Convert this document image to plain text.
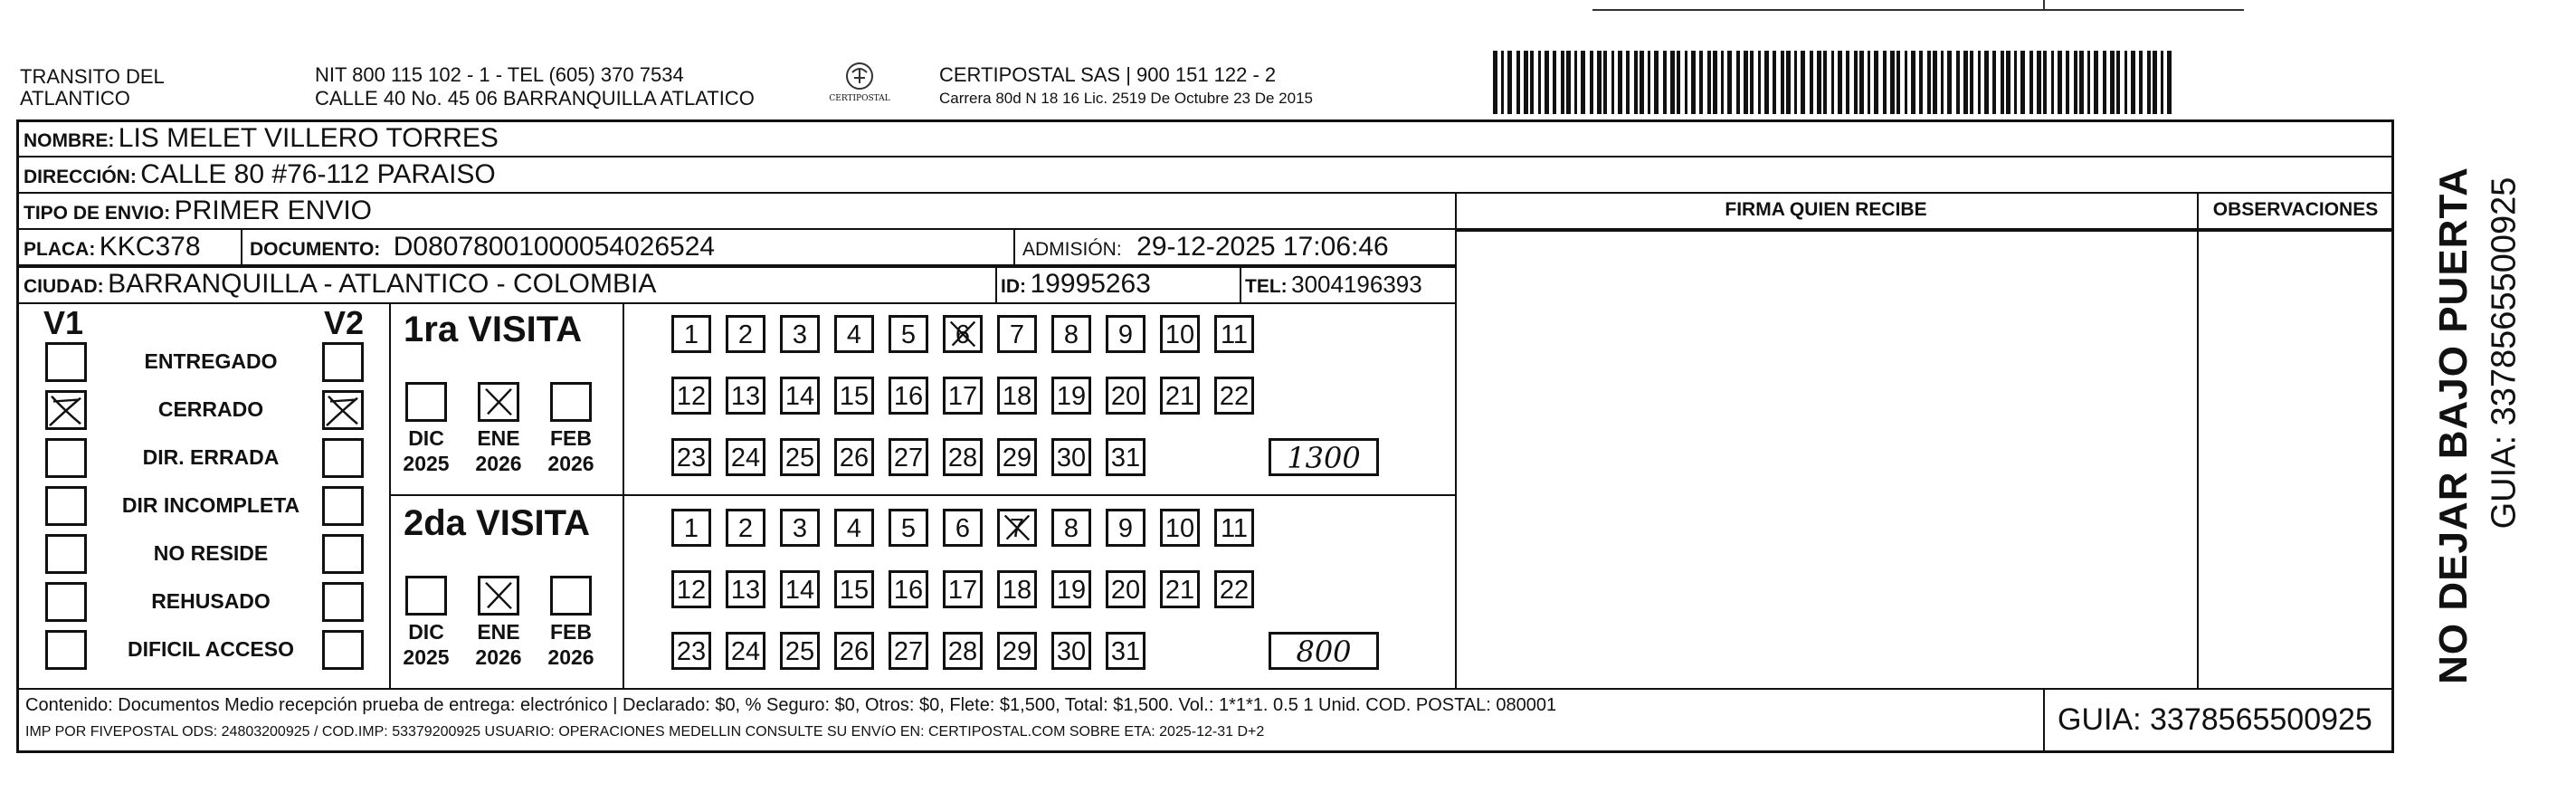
TRANSITO DEL
ATLANTICO
NIT 800 115 102 - 1 - TEL (605) 370 7534
CALLE 40 No. 45 06 BARRANQUILLA ATLATICO	CERTIPOSTAL
CERTIPOSTAL SAS | 900 151 122 - 2
Carrera 80d N 18 16 Lic. 2519 De Octubre 23 De 2015
NOMBRE: LIS MELET VILLERO TORRES
DIRECCIÓN: CALLE 80 #76-112 PARAISO
TIPO DE ENVIO: PRIMER ENVIO	FIRMA QUIEN RECIBE	OBSERVACIONES
PLACA: KKC378	DOCUMENTO: D08078001000054026524	ADMISIÓN: 29-12-2025 17:06:46
CIUDAD: BARRANQUILLA - ATLANTICO - COLOMBIA	ID: 19995263	TEL: 3004196393
V1	V2
ENTREGADO
CERRADO
DIR. ERRADA
DIR INCOMPLETA
NO RESIDE
REHUSADO
DIFICIL ACCESO
1ra VISITA
DIC
2025
ENE
2026
FEB
2026
1	2	3	4	5	6	7	8	9	10 11
12 13 14 15 16 17 18 19 20 21 22
23 24 25 26 27 28 29 30 31	1300
2da VISITA
DIC
2025
ENE
2026
FEB
2026
1	2	3	4	5	6	7	8	9	10 11
12 13 14 15 16 17 18 19 20 21 22
23 24 25 26 27 28 29 30 31	800
Contenido: Documentos Medio recepción prueba de entrega: electrónico | Declarado: $0, % Seguro: $0, Otros: $0, Flete: $1,500, Total: $1,500. Vol.: 1*1*1. 0.5 1 Unid. COD. POSTAL: 080001
IMP POR FIVEPOSTAL ODS: 24803200925 / COD.IMP: 53379200925 USUARIO: OPERACIONES MEDELLIN CONSULTE SU ENVíO EN: CERTIPOSTAL.COM SOBRE ETA: 2025-12-31 D+2	GUIA: 3378565500925
NO DEJAR BAJO PUERTA GUIA: 3378565500925
